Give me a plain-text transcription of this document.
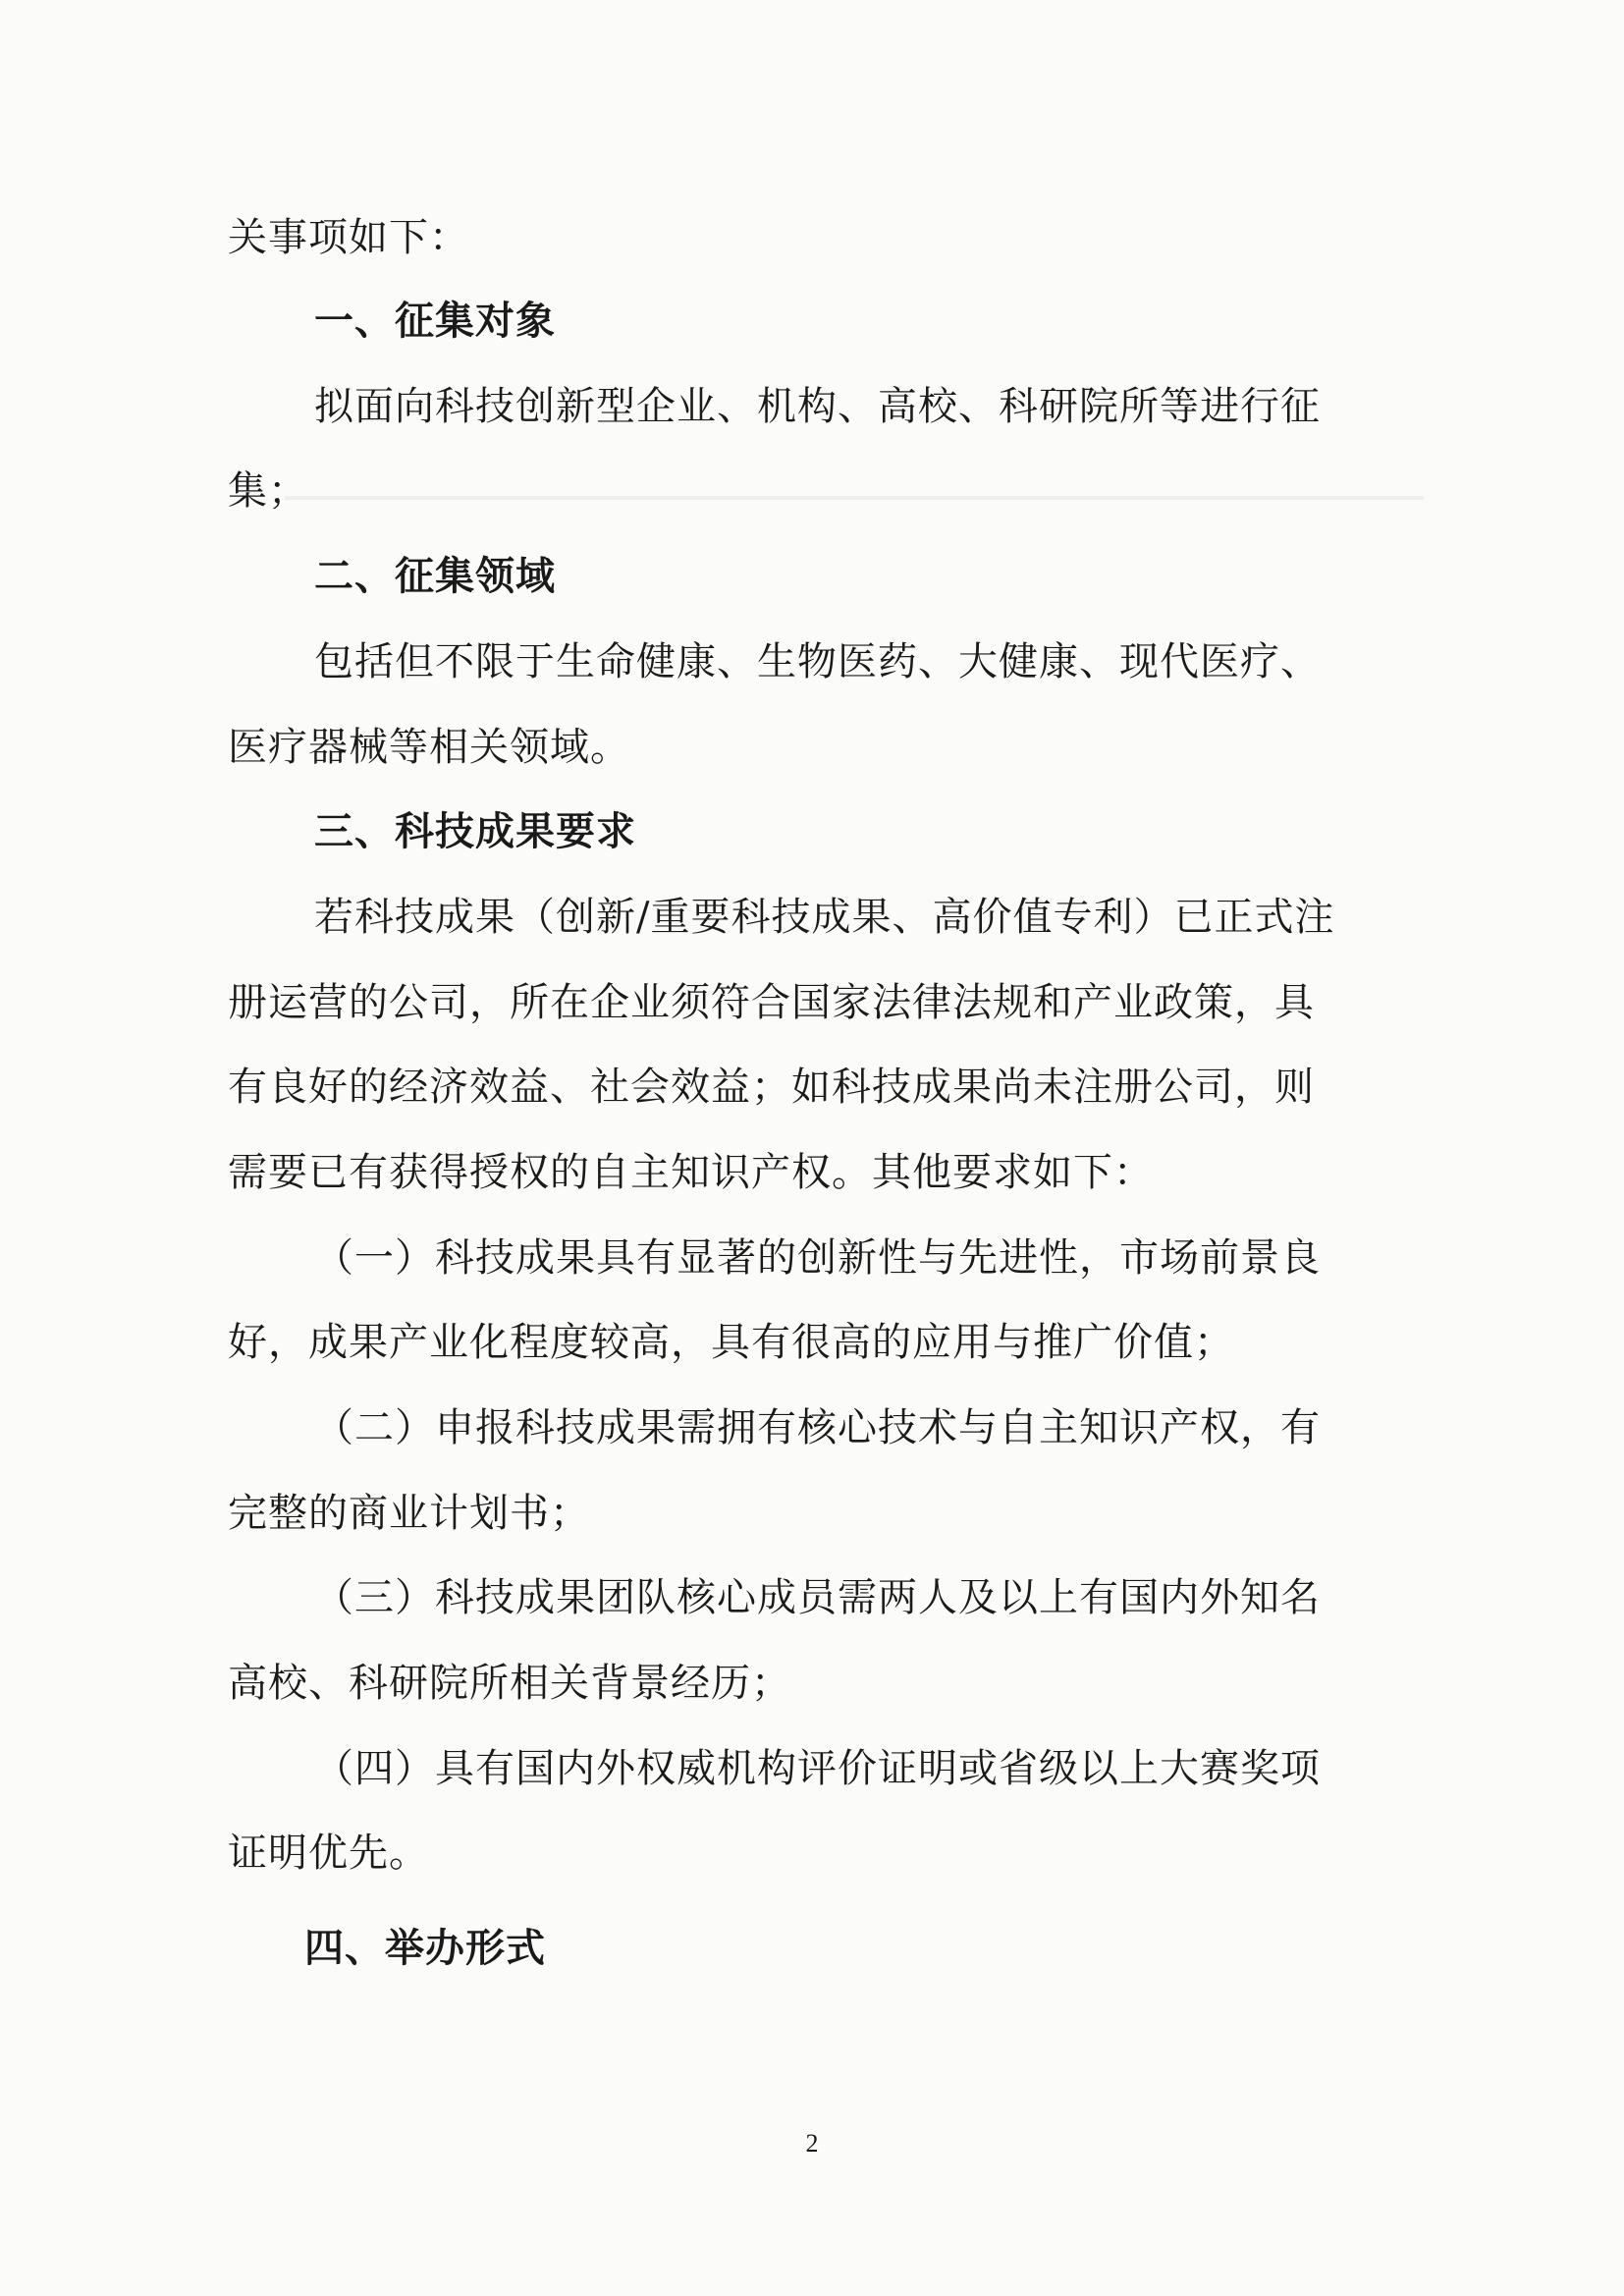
关事项如下：
一、征集对象
拟面向科技创新型企业、机构、高校、科研院所等进行征
集；
二、征集领域
包括但不限于生命健康、生物医药、大健康、现代医疗、
医疗器械等相关领域。
三、科技成果要求
若科技成果（创新/重要科技成果、高价值专利）已正式注
册运营的公司，所在企业须符合国家法律法规和产业政策，具
有良好的经济效益、社会效益；如科技成果尚未注册公司，则
需要已有获得授权的自主知识产权。其他要求如下：
（一）科技成果具有显著的创新性与先进性，市场前景良
好，成果产业化程度较高，具有很高的应用与推广价值；
（二）申报科技成果需拥有核心技术与自主知识产权，有
完整的商业计划书；
（三）科技成果团队核心成员需两人及以上有国内外知名
高校、科研院所相关背景经历；
（四）具有国内外权威机构评价证明或省级以上大赛奖项
证明优先。
四、举办形式
2
